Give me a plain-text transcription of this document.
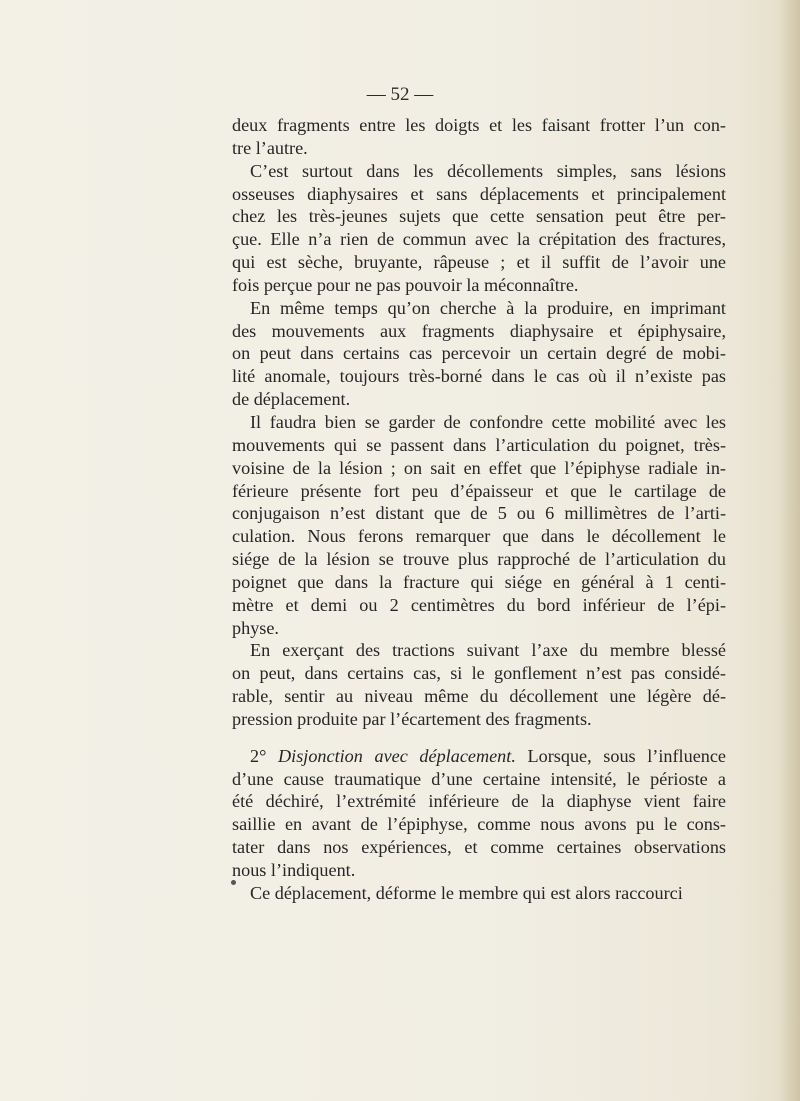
— 52 —
deux fragments entre les doigts et les faisant frotter l’un con-
tre l’autre.
C’est surtout dans les décollements simples, sans lésions
osseuses diaphysaires et sans déplacements et principalement
chez les très-jeunes sujets que cette sensation peut être per-
çue. Elle n’a rien de commun avec la crépitation des fractures,
qui est sèche, bruyante, râpeuse ; et il suffit de l’avoir une
fois perçue pour ne pas pouvoir la méconnaître.
En même temps qu’on cherche à la produire, en imprimant
des mouvements aux fragments diaphysaire et épiphysaire,
on peut dans certains cas percevoir un certain degré de mobi-
lité anomale, toujours très-borné dans le cas où il n’existe pas
de déplacement.
Il faudra bien se garder de confondre cette mobilité avec les
mouvements qui se passent dans l’articulation du poignet, très-
voisine de la lésion ; on sait en effet que l’épiphyse radiale in-
férieure présente fort peu d’épaisseur et que le cartilage de
conjugaison n’est distant que de 5 ou 6 millimètres de l’arti-
culation. Nous ferons remarquer que dans le décollement le
siége de la lésion se trouve plus rapproché de l’articulation du
poignet que dans la fracture qui siége en général à 1 centi-
mètre et demi ou 2 centimètres du bord inférieur de l’épi-
physe.
En exerçant des tractions suivant l’axe du membre blessé
on peut, dans certains cas, si le gonflement n’est pas considé-
rable, sentir au niveau même du décollement une légère dé-
pression produite par l’écartement des fragments.
2° Disjonction avec déplacement. Lorsque, sous l’influence
d’une cause traumatique d’une certaine intensité, le périoste a
été déchiré, l’extrémité inférieure de la diaphyse vient faire
saillie en avant de l’épiphyse, comme nous avons pu le cons-
tater dans nos expériences, et comme certaines observations
nous l’indiquent.
Ce déplacement, déforme le membre qui est alors raccourci
